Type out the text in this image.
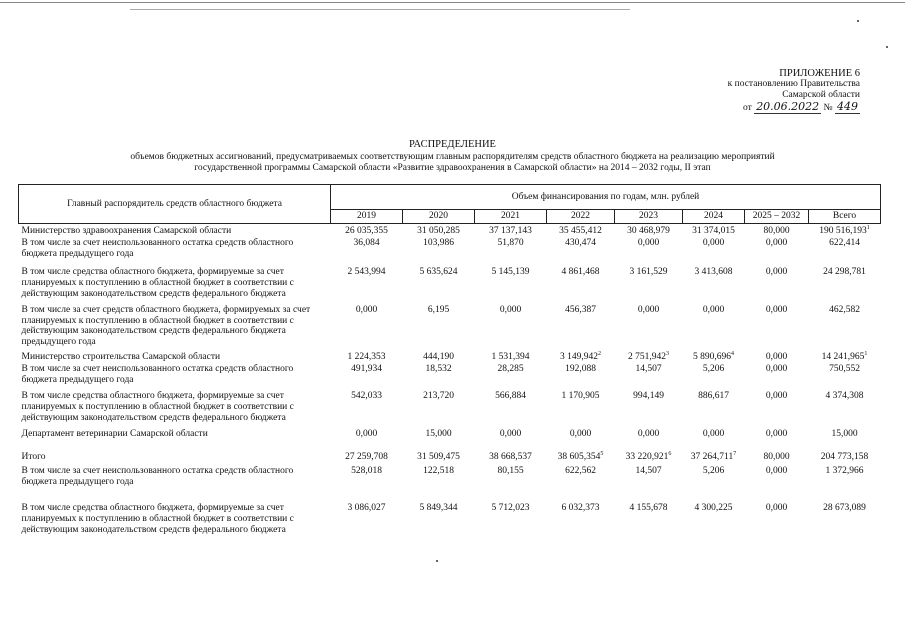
ПРИЛОЖЕНИЕ 6
к постановлению Правительства
Самарской области
от 20.06.2022 № 449
РАСПРЕДЕЛЕНИЕ
объемов бюджетных ассигнований, предусматриваемых соответствующим главным распорядителям средств областного бюджета на реализацию мероприятий
государственной программы Самарской области «Развитие здравоохранения в Самарской области» на 2014 – 2032 годы, II этап
Главный распорядитель средств областного бюджета	Объем финансирования по годам, млн. рублей							
	2019	2020	2021	2022	2023	2024	2025 – 2032	Всего
Министерство здравоохранения Самарской области	26 035,355	31 050,285	37 137,143	35 455,412	30 468,979	31 374,015	80,000	190 516,193$^1$
В том числе за счет неиспользованного остатка средств областного бюджета предыдущего года	36,084	103,986	51,870	430,474	0,000	0,000	0,000	622,414
В том числе средства областного бюджета, формируемые за счет планируемых к поступлению в областной бюджет в соответствии с действующим законодательством средств федерального бюджета	2 543,994	5 635,624	5 145,139	4 861,468	3 161,529	3 413,608	0,000	24 298,781
В том числе за счет средств областного бюджета, формируемых за счет планируемых к поступлению в областной бюджет в соответствии с действующим законодательством средств федерального бюджета предыдущего года	0,000	6,195	0,000	456,387	0,000	0,000	0,000	462,582
Министерство строительства Самарской области	1 224,353	444,190	1 531,394	3 149,942$^2$	2 751,942$^3$	5 890,696$^4$	0,000	14 241,965$^1$
В том числе за счет неиспользованного остатка средств областного бюджета предыдущего года	491,934	18,532	28,285	192,088	14,507	5,206	0,000	750,552
В том числе средства областного бюджета, формируемые за счет планируемых к поступлению в областной бюджет в соответствии с действующим законодательством средств федерального бюджета	542,033	213,720	566,884	1 170,905	994,149	886,617	0,000	4 374,308
Департамент ветеринарии Самарской области	0,000	15,000	0,000	0,000	0,000	0,000	0,000	15,000
Итого	27 259,708	31 509,475	38 668,537	38 605,354$^5$	33 220,921$^6$	37 264,711$^7$	80,000	204 773,158
В том числе за счет неиспользованного остатка средств областного бюджета предыдущего года	528,018	122,518	80,155	622,562	14,507	5,206	0,000	1 372,966
В том числе средства областного бюджета, формируемые за счет планируемых к поступлению в областной бюджет в соответствии с действующим законодательством средств федерального бюджета	3 086,027	5 849,344	5 712,023	6 032,373	4 155,678	4 300,225	0,000	28 673,089
